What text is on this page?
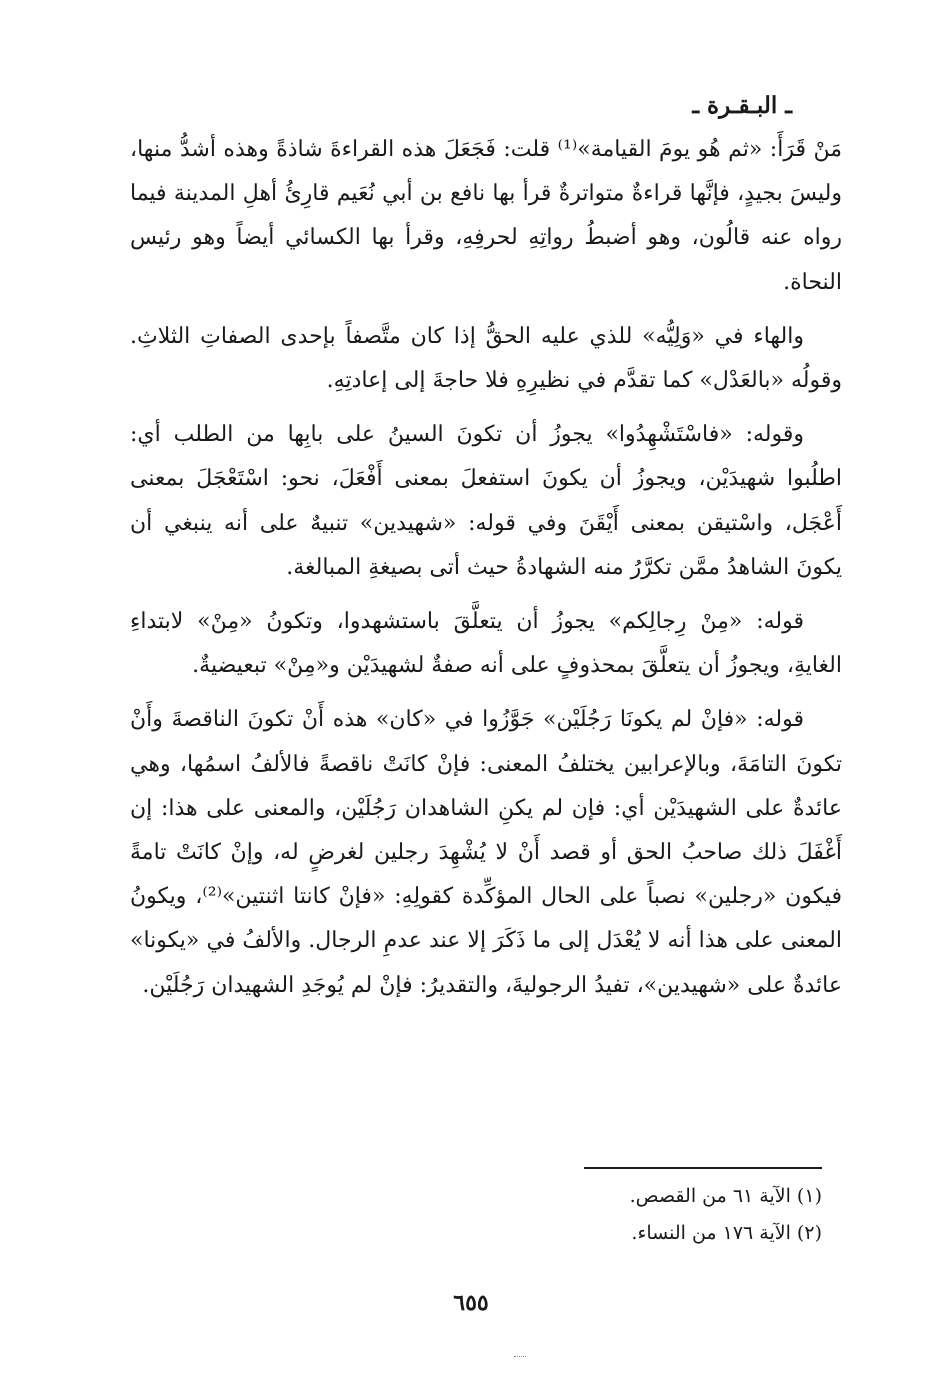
ـ البـقـرة ـ

مَنْ قَرَأَ: «ثم هُو يومَ القيامة»⁽¹⁾ قلت: فَجَعَلَ هذه القراءةَ شاذةً وهذه أشدُّ منها، وليسَ بجيدٍ، فإنَّها قراءةٌ متواترةٌ قرأ بها نافع بن أبي نُعَيم قارِئُ أهلِ المدينة فيما رواه عنه قالُون، وهو أضبطُ رواتِهِ لحرفِهِ، وقرأ بها الكسائي أيضاً وهو رئيس النحاة.

والهاء في «وَلِيُّه» للذي عليه الحقُّ إذا كان متَّصفاً بإحدى الصفاتِ الثلاثِ. وقولُه «بالعَدْل» كما تقدَّم في نظيرِهِ فلا حاجةَ إلى إعادتِهِ.

وقوله: «فاسْتَشْهِدُوا» يجوزُ أن تكونَ السينُ على بابِها من الطلب أي: اطلُبوا شهيدَيْن، ويجوزُ أن يكونَ استفعلَ بمعنى أَفْعَلَ، نحو: اسْتَعْجَلَ بمعنى أَعْجَل، واسْتيقن بمعنى أَيْقَنَ وفي قوله: «شهيدين» تنبيهٌ على أنه ينبغي أن يكونَ الشاهدُ ممَّن تكرَّرُ منه الشهادةُ حيث أتى بصيغةِ المبالغة.

قوله: «مِنْ رِجالِكم» يجوزُ أن يتعلَّقَ باستشهدوا، وتكونُ «مِنْ» لابتداءِ الغايةِ، ويجوزُ أن يتعلَّقَ بمحذوفٍ على أنه صفةٌ لشهيدَيْن و«مِنْ» تبعيضيةٌ.

قوله: «فإنْ لم يكونَا رَجُلَيْن» جَوَّزُوا في «كان» هذه أَنْ تكونَ الناقصةَ وأَنْ تكونَ التامَةَ، وبالإعرابين يختلفُ المعنى: فإنْ كانَتْ ناقصةً فالألفُ اسمُها، وهي عائدةٌ على الشهيدَيْن أي: فإن لم يكنِ الشاهدان رَجُلَيْن، والمعنى على هذا: إن أَغْفَلَ ذلك صاحبُ الحق أو قصد أَنْ لا يُشْهِدَ رجلين لغرضٍ له، وإنْ كانَتْ تامةً فيكون «رجلين» نصباً على الحال المؤكِّدة كقولِهِ: «فإنْ كانتا اثنتين»⁽²⁾، ويكونُ المعنى على هذا أنه لا يُعْدَل إلى ما ذَكَرَ إلا عند عدمِ الرجال. والألفُ في «يكونا» عائدةٌ على «شهيدين»، تفيدُ الرجوليةَ، والتقديرُ: فإنْ لم يُوجَدِ الشهيدان رَجُلَيْن.

(١) الآية ٦١ من القصص.

(٢) الآية ١٧٦ من النساء.

٦٥٥
